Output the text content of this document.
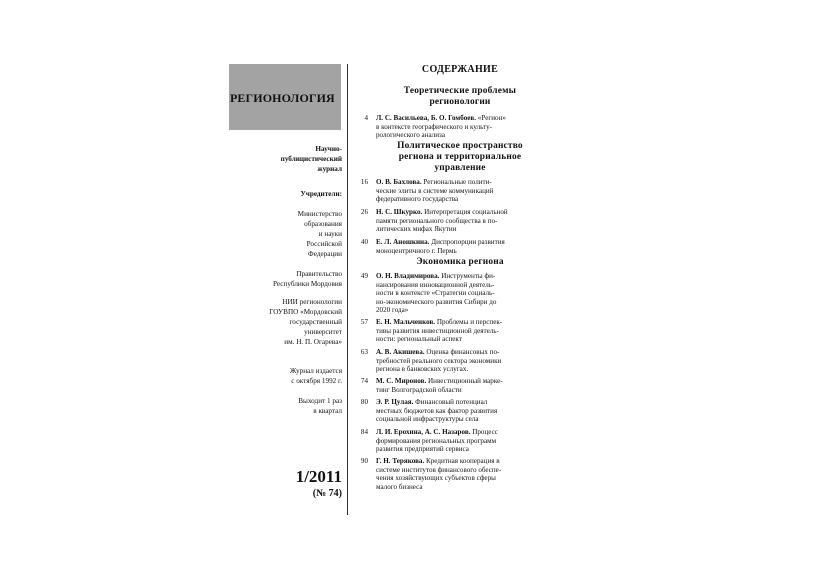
РЕГИОНОЛОГИЯ
Научно-
публицистический
журнал
Учредители:
Министерство
образования
и науки
Российской
Федерации
Правительство
Республики Мордовия
НИИ регионологии
ГОУВПО «Мордовский
государственный
университет
им. Н. П. Огарева»
Журнал издается
с октября 1992 г.
Выходит 1 раз
в квартал
1/2011
(№ 74)
СОДЕРЖАНИЕ
Теоретические проблемы
регионологии
4 Л. С. Васильева, Б. О. Гомбоев. «Регион»
в контексте географического и культу-
рологического анализа
Политическое пространство
региона и территориальное
управление
16 О. В. Бахлова. Региональные полити-
ческие элиты в системе коммуникаций
федеративного государства
26 Н. С. Шкурко. Интерпретация социальной
памяти регионального сообщества в по-
литических мифах Якутии
40 Е. Л. Аношкина. Диспропорции развития
моноцентричного г. Пермь
Экономика региона
49 О. Н. Владимирова. Инструменты фи-
нансирования инновационной деятель-
ности в контексте «Стратегии социаль-
но-экономического развития Сибири до
2020 года»
57 Е. Н. Мальченков. Проблемы и перспек-
тивы развития инвестиционной деятель-
ности: региональный аспект
63 А. В. Акишева. Оценка финансовых по-
требностей реального сектора экономики
региона в банковских услугах.
74 М. С. Миронов. Инвестиционный марке-
тинг Волгоградской области
80 Э. Р. Цулая. Финансовый потенциал
местных бюджетов как фактор развития
социальной инфраструктуры села
84 Л. И. Ерохина, А. С. Назаров. Процесс
формирования региональных программ
развития предприятий сервиса
90 Г. Н. Терякова. Кредитная кооперация в
системе институтов финансового обеспе-
чения хозяйствующих субъектов сферы
малого бизнеса
